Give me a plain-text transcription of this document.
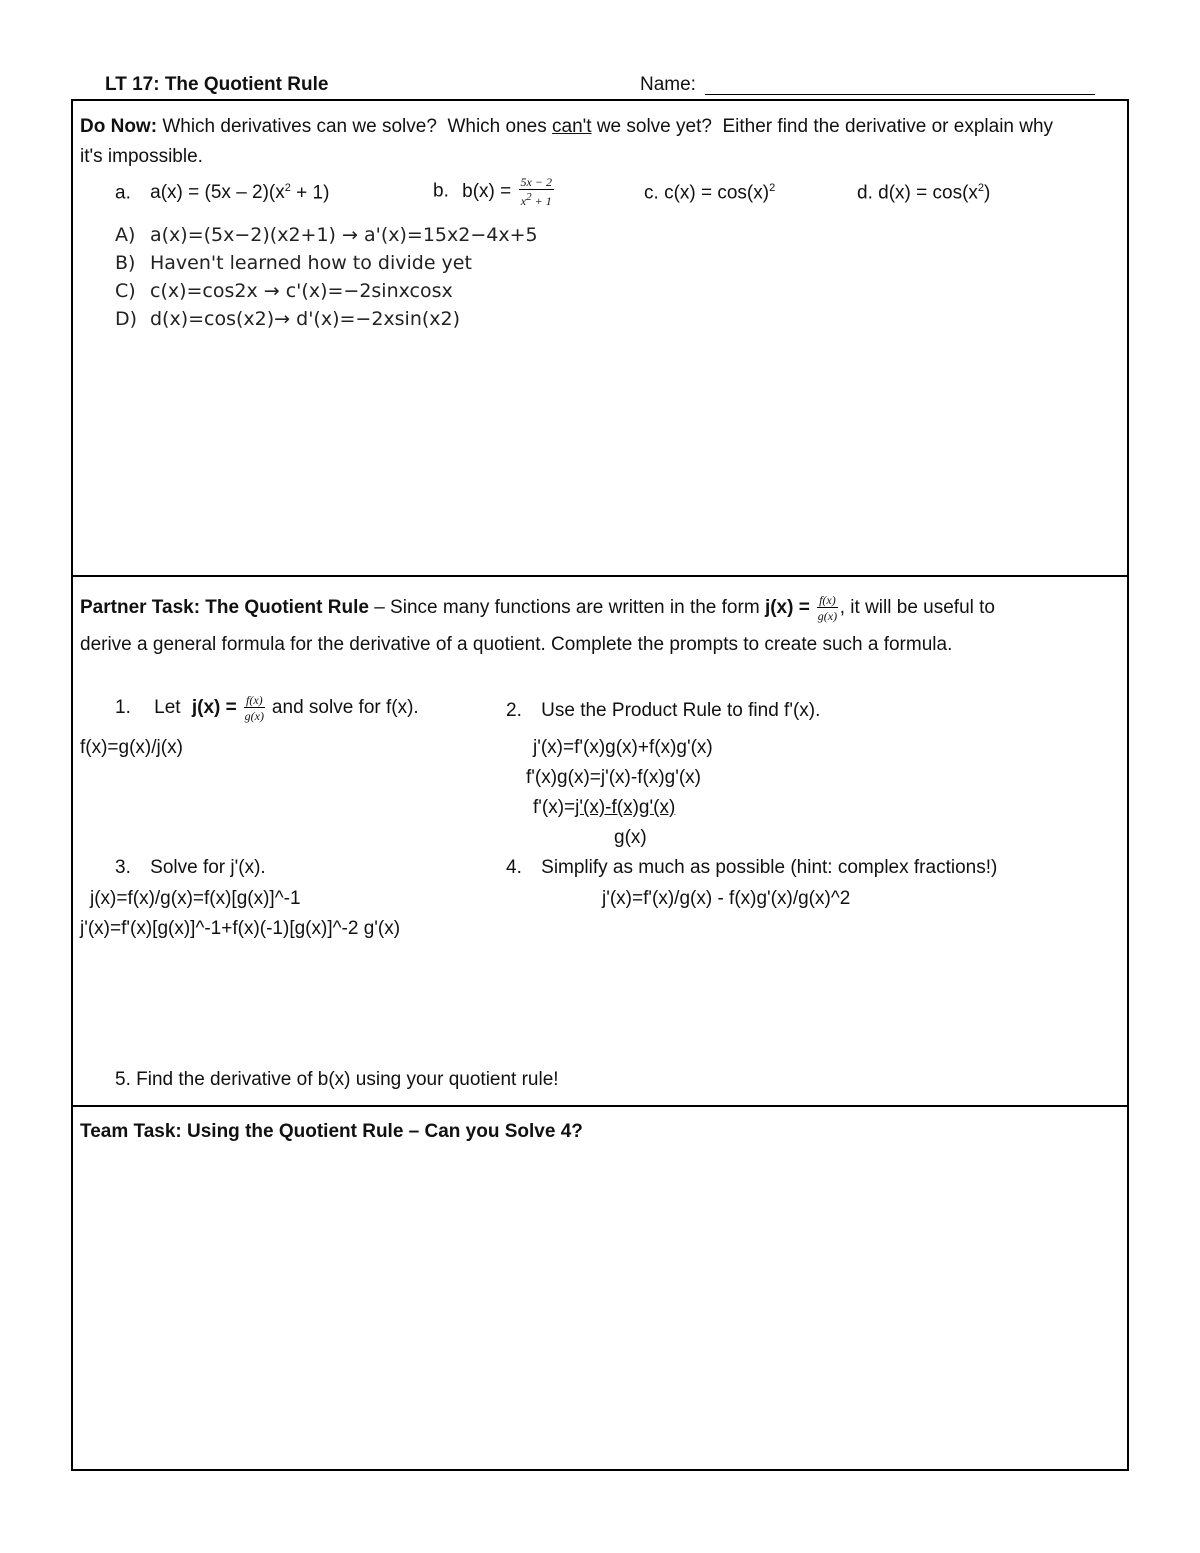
LT 17: The Quotient Rule	Name:
Do Now: Which derivatives can we solve?  Which ones can't we solve yet?  Either find the derivative or explain why
it's impossible.
a. $a(x) = (5x - 2)(x^2 + 1)$	b. $b(x) = \frac{5x - 2}{x^2 + 1}$	c. $c(x) = \cos(x)^2$	d. $d(x) = \cos(x^2)$
A) a(x)=(5x−2)(x2+1) → a'(x)=15x2−4x+5
B) Haven't learned how to divide yet
C) c(x)=cos2x → c'(x)=−2sinxcosx
D) d(x)=cos(x2)→ d'(x)=−2xsin(x2)
Partner Task: The Quotient Rule – Since many functions are written in the form $j(x) = \frac{f(x)}{g(x)}$ , it will be useful to
derive a general formula for the derivative of a quotient. Complete the prompts to create such a formula.
1. Let $j(x) = \frac{f(x)}{g(x)}$ and solve for f(x).
f(x)=g(x)/j(x)
2. Use the Product Rule to find f'(x).
j'(x)=f'(x)g(x)+f(x)g'(x)
f'(x)g(x)=j'(x)-f(x)g'(x)
f'(x)=j'(x)-f(x)g'(x)
g(x)
3. Solve for j'(x).
j(x)=f(x)/g(x)=f(x)[g(x)]^-1
j'(x)=f'(x)[g(x)]^-1+f(x)(-1)[g(x)]^-2 g'(x)
4. Simplify as much as possible (hint: complex fractions!)
j'(x)=f'(x)/g(x) - f(x)g'(x)/g(x)^2
5. Find the derivative of b(x) using your quotient rule!
Team Task: Using the Quotient Rule – Can you Solve 4?
